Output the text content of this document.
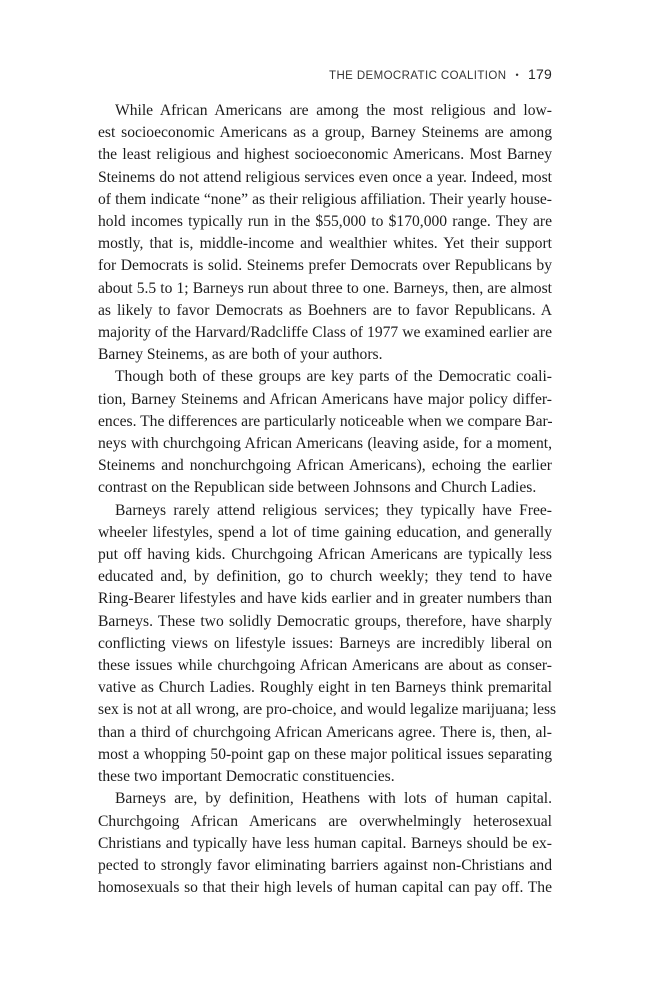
THE DEMOCRATIC COALITION • 179

While African Americans are among the most religious and low-
est socioeconomic Americans as a group, Barney Steinems are among
the least religious and highest socioeconomic Americans. Most Barney
Steinems do not attend religious services even once a year. Indeed, most
of them indicate “none” as their religious affiliation. Their yearly house-
hold incomes typically run in the $55,000 to $170,000 range. They are
mostly, that is, middle-income and wealthier whites. Yet their support
for Democrats is solid. Steinems prefer Democrats over Republicans by
about 5.5 to 1; Barneys run about three to one. Barneys, then, are almost
as likely to favor Democrats as Boehners are to favor Republicans. A
majority of the Harvard/Radcliffe Class of 1977 we examined earlier are
Barney Steinems, as are both of your authors.

Though both of these groups are key parts of the Democratic coali-
tion, Barney Steinems and African Americans have major policy differ-
ences. The differences are particularly noticeable when we compare Bar-
neys with churchgoing African Americans (leaving aside, for a moment,
Steinems and nonchurchgoing African Americans), echoing the earlier
contrast on the Republican side between Johnsons and Church Ladies.

Barneys rarely attend religious services; they typically have Free-
wheeler lifestyles, spend a lot of time gaining education, and generally
put off having kids. Churchgoing African Americans are typically less
educated and, by definition, go to church weekly; they tend to have
Ring-Bearer lifestyles and have kids earlier and in greater numbers than
Barneys. These two solidly Democratic groups, therefore, have sharply
conflicting views on lifestyle issues: Barneys are incredibly liberal on
these issues while churchgoing African Americans are about as conser-
vative as Church Ladies. Roughly eight in ten Barneys think premarital
sex is not at all wrong, are pro-choice, and would legalize marijuana; less
than a third of churchgoing African Americans agree. There is, then, al-
most a whopping 50-point gap on these major political issues separating
these two important Democratic constituencies.

Barneys are, by definition, Heathens with lots of human capital.
Churchgoing African Americans are overwhelmingly heterosexual
Christians and typically have less human capital. Barneys should be ex-
pected to strongly favor eliminating barriers against non-Christians and
homosexuals so that their high levels of human capital can pay off. The
